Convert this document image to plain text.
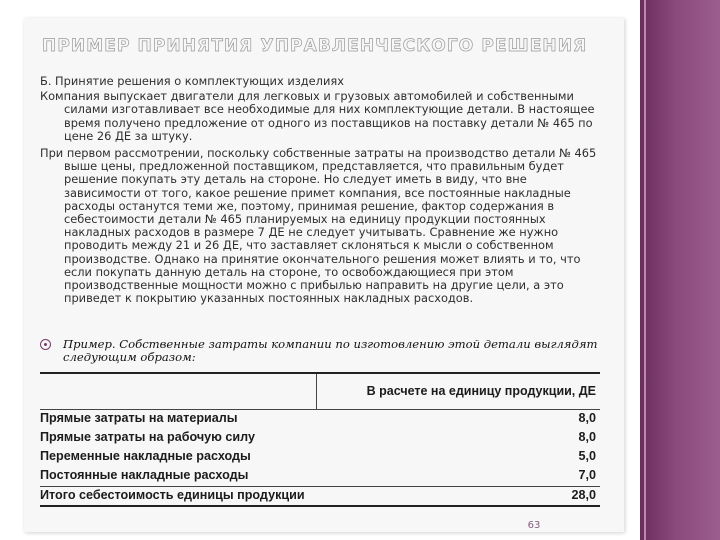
ПРИМЕР ПРИНЯТИЯ УПРАВЛЕНЧЕСКОГО РЕШЕНИЯ

Б. Принятие решения о комплектующих изделиях

Компания выпускает двигатели для легковых и грузовых автомобилей и собственными силами изготавливает все необходимые для них комплектующие детали. В настоящее время получено предложение от одного из поставщиков на поставку детали № 465 по цене 26 ДЕ за штуку.

При первом рассмотрении, поскольку собственные затраты на производство детали № 465 выше цены, предложенной поставщиком, представляется, что правильным будет решение покупать эту деталь на стороне. Но следует иметь в виду, что вне зависимости от того, какое решение примет компания, все постоянные накладные расходы останутся теми же, поэтому, принимая решение, фактор содержания в себестоимости детали № 465 планируемых на единицу продукции постоянных накладных расходов в размере 7 ДЕ не следует учитывать. Сравнение же нужно проводить между 21 и 26 ДЕ, что заставляет склоняться к мысли о собственном производстве. Однако на принятие окончательного решения может влиять и то, что если покупать данную деталь на стороне, то освобождающиеся при этом производственные мощности можно с прибылью направить на другие цели, а это приведет к покрытию указанных постоянных накладных расходов.

Пример. Собственные затраты компании по изготовлению этой детали выглядят следующим образом:
В расчете на единицу продукции, ДЕ
Прямые затраты на материалы	8,0
Прямые затраты на рабочую силу	8,0
Переменные накладные расходы	5,0
Постоянные накладные расходы	7,0
Итого себестоимость единицы продукции	28,0
63
